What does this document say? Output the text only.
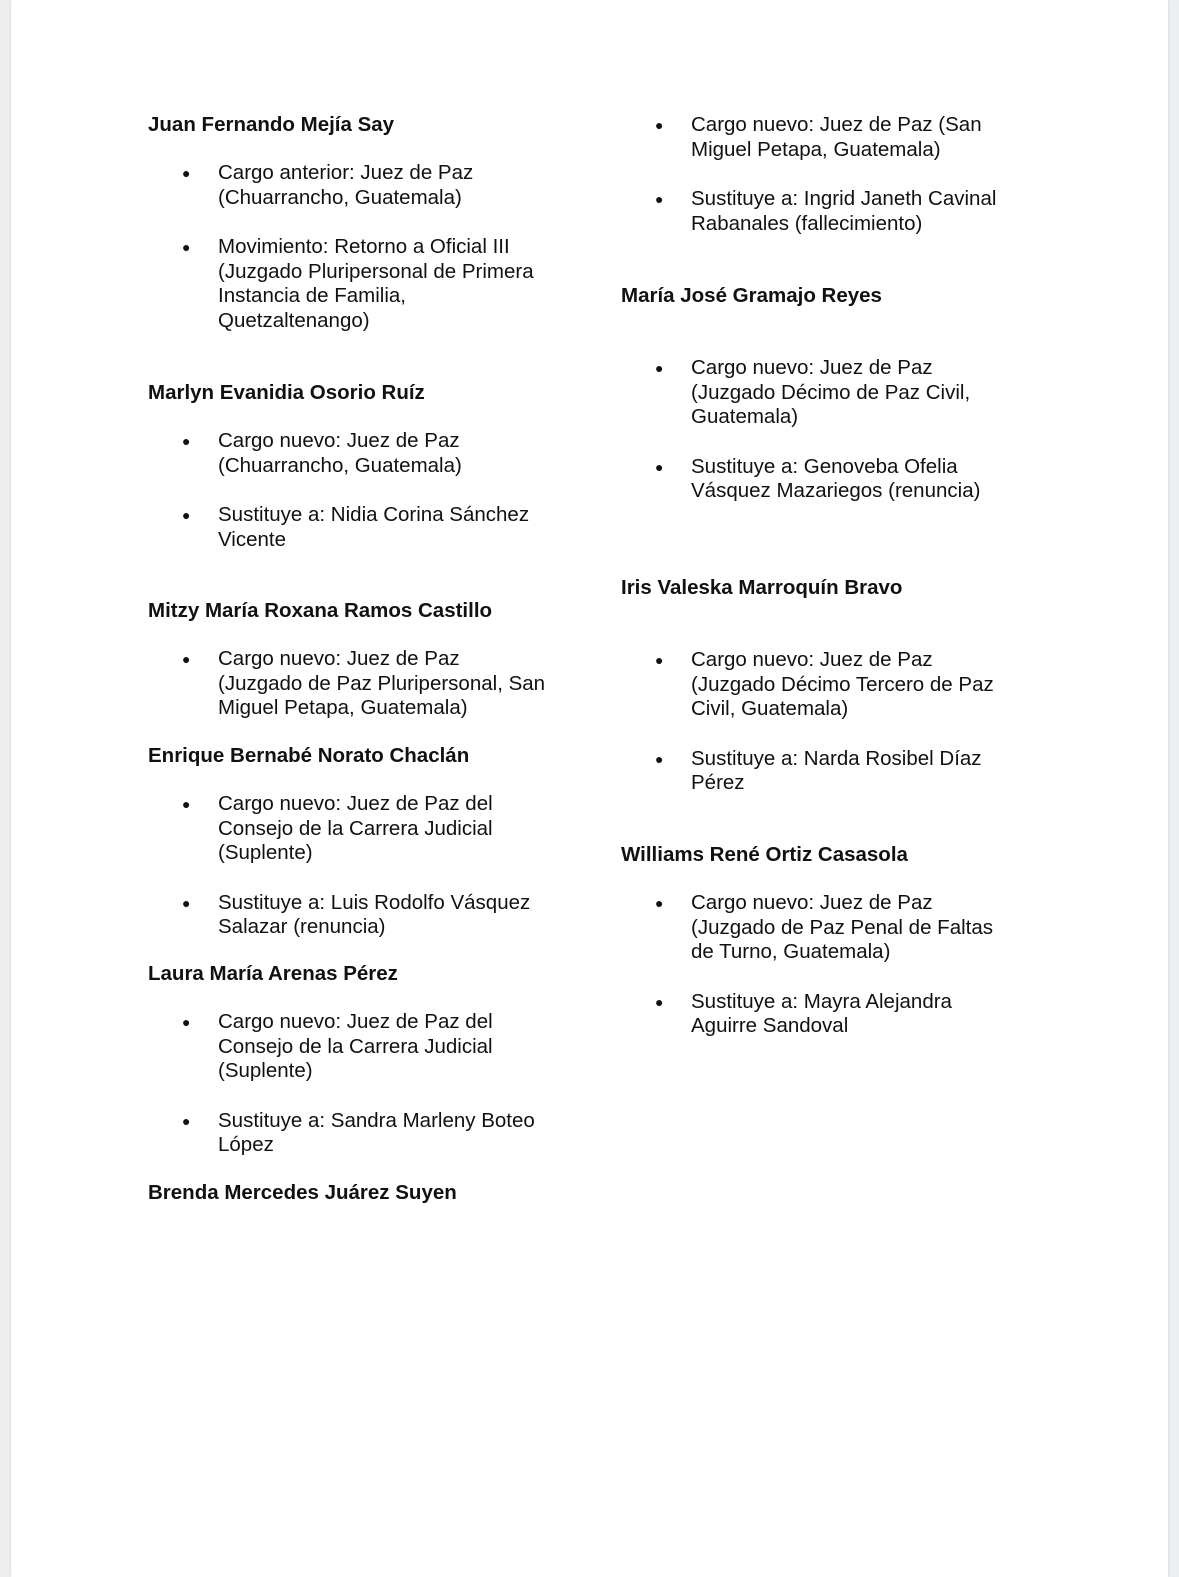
Juan Fernando Mejía Say

● Cargo anterior: Juez de Paz (Chuarrancho, Guatemala)
● Movimiento: Retorno a Oficial III (Juzgado Pluripersonal de Primera Instancia de Familia, Quetzaltenango)

Marlyn Evanidia Osorio Ruíz

● Cargo nuevo: Juez de Paz (Chuarrancho, Guatemala)
● Sustituye a: Nidia Corina Sánchez Vicente

Mitzy María Roxana Ramos Castillo

● Cargo nuevo: Juez de Paz (Juzgado de Paz Pluripersonal, San Miguel Petapa, Guatemala)

Enrique Bernabé Norato Chaclán

● Cargo nuevo: Juez de Paz del Consejo de la Carrera Judicial (Suplente)
● Sustituye a: Luis Rodolfo Vásquez Salazar (renuncia)

Laura María Arenas Pérez

● Cargo nuevo: Juez de Paz del Consejo de la Carrera Judicial (Suplente)
● Sustituye a: Sandra Marleny Boteo López

Brenda Mercedes Juárez Suyen

● Cargo nuevo: Juez de Paz (San Miguel Petapa, Guatemala)
● Sustituye a: Ingrid Janeth Cavinal Rabanales (fallecimiento)

María José Gramajo Reyes

● Cargo nuevo: Juez de Paz (Juzgado Décimo de Paz Civil, Guatemala)
● Sustituye a: Genoveba Ofelia Vásquez Mazariegos (renuncia)

Iris Valeska Marroquín Bravo

● Cargo nuevo: Juez de Paz (Juzgado Décimo Tercero de Paz Civil, Guatemala)
● Sustituye a: Narda Rosibel Díaz Pérez

Williams René Ortiz Casasola

● Cargo nuevo: Juez de Paz (Juzgado de Paz Penal de Faltas de Turno, Guatemala)
● Sustituye a: Mayra Alejandra Aguirre Sandoval
